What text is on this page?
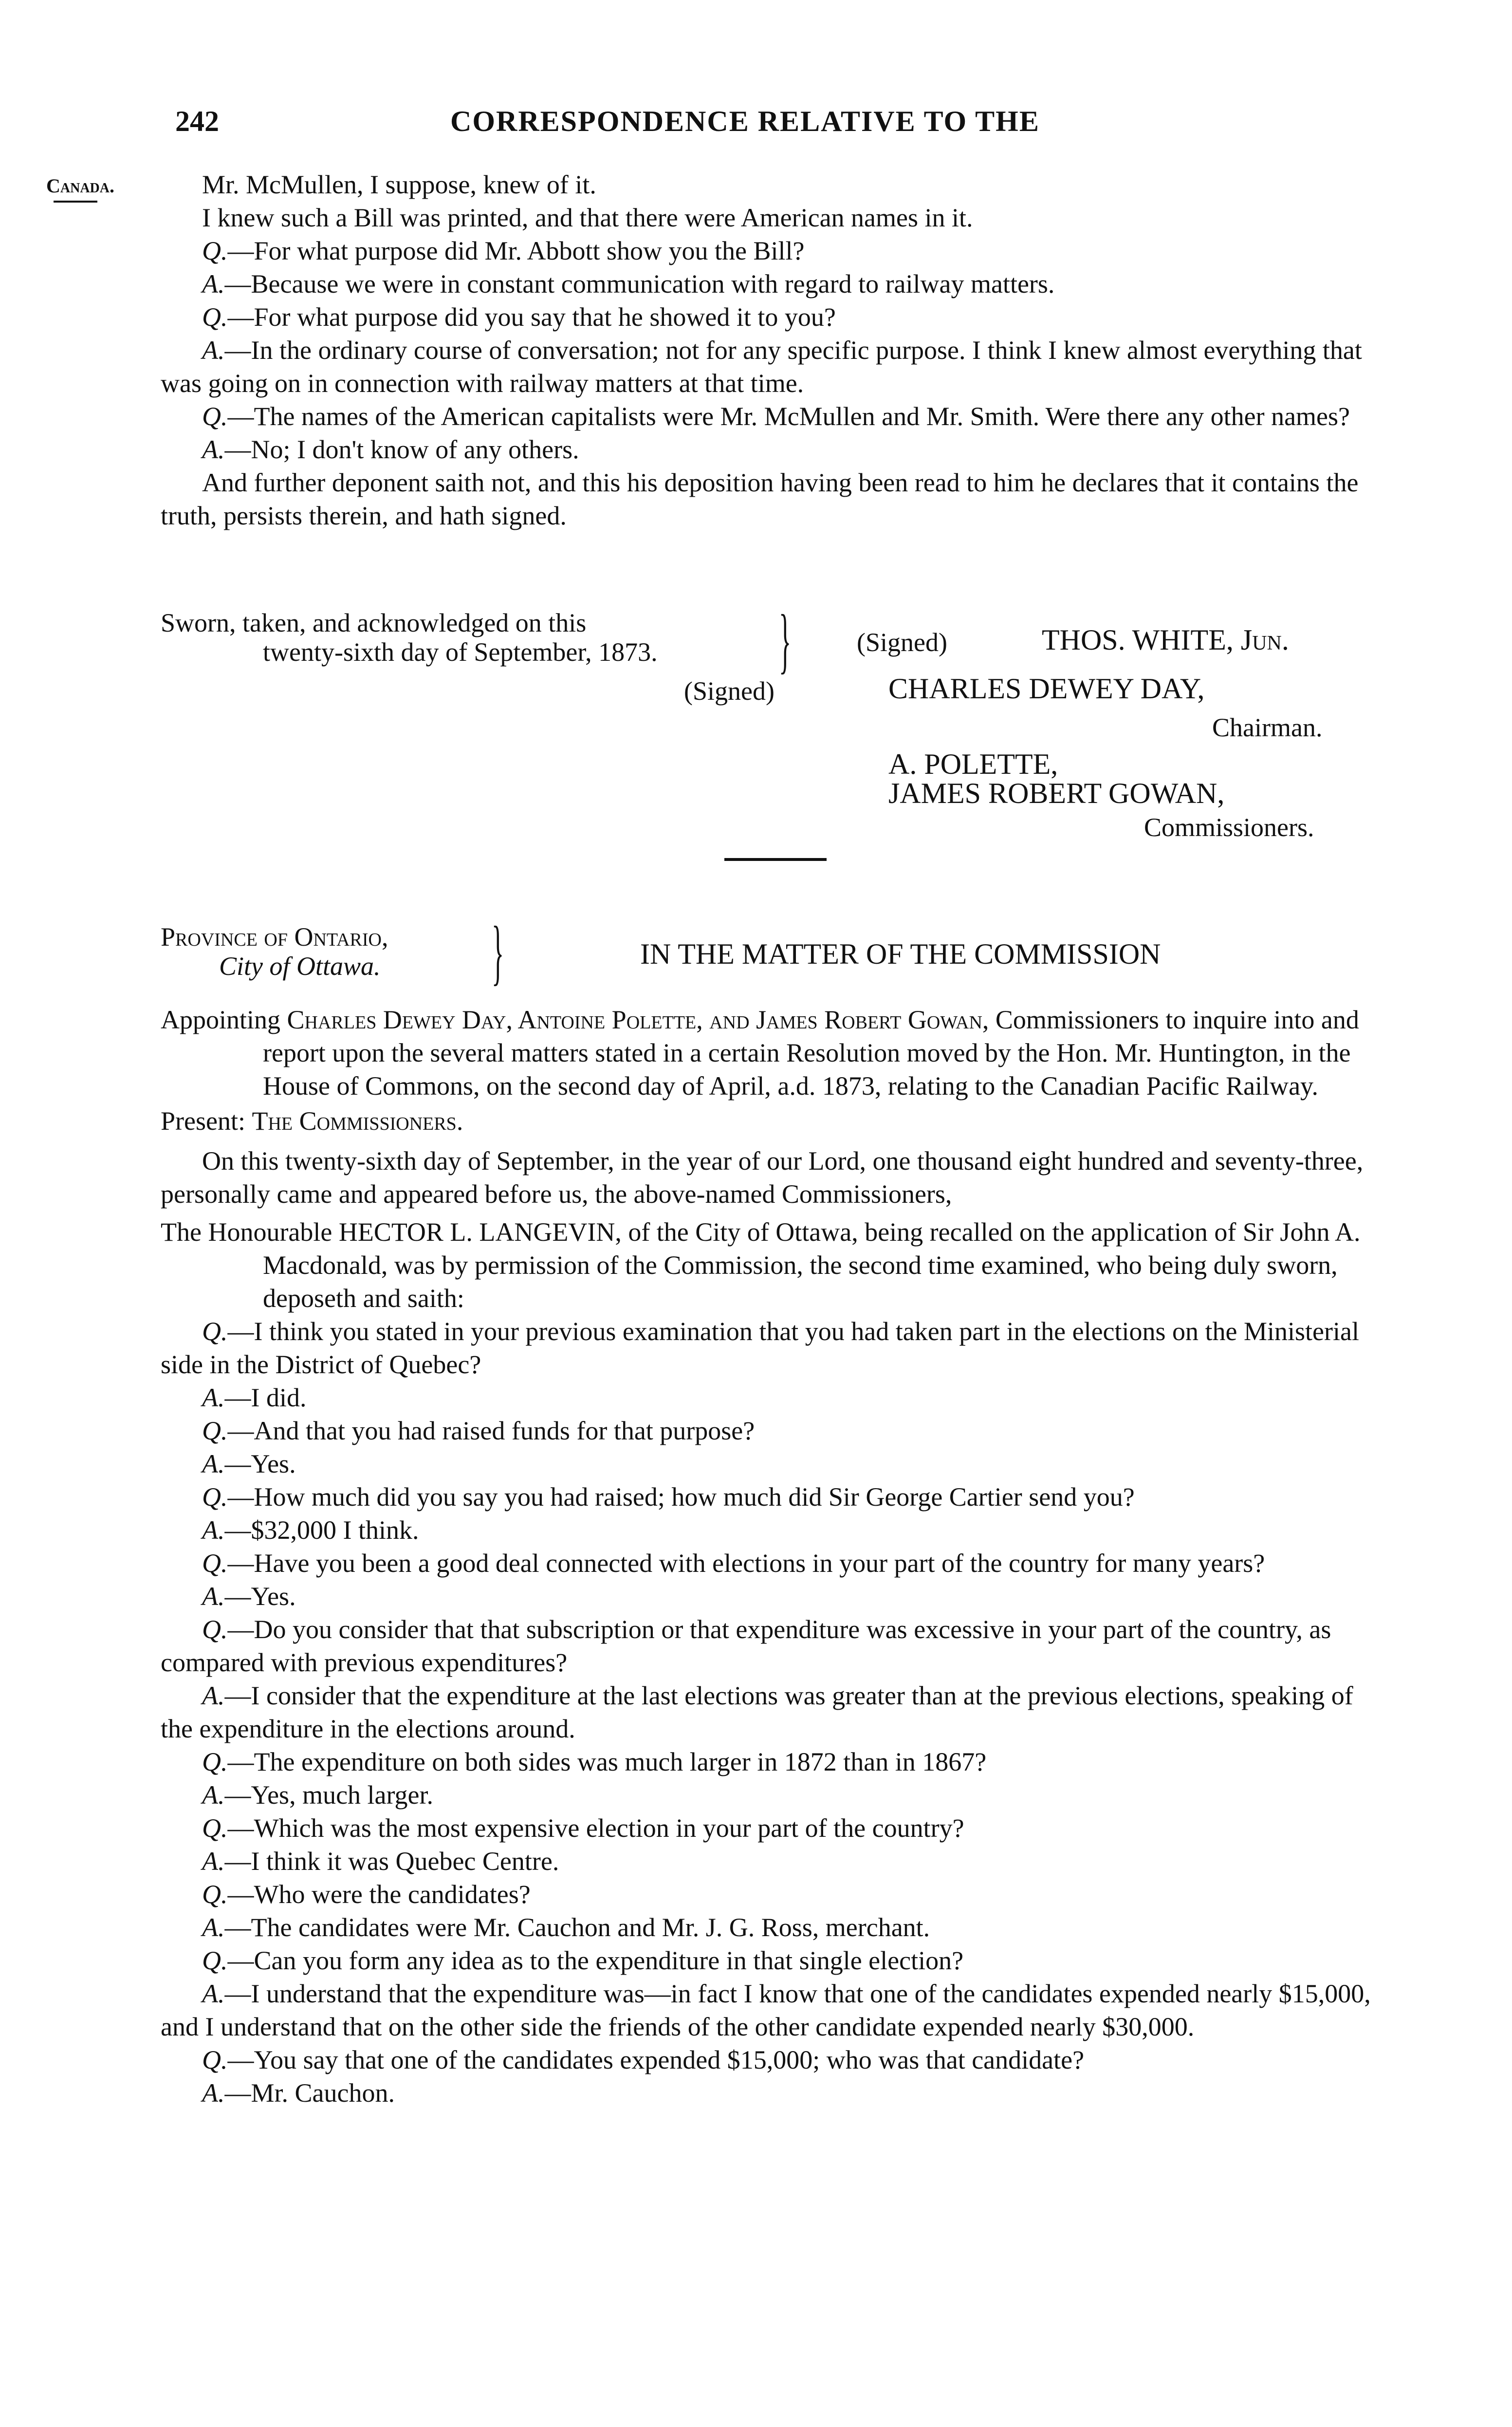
242	CORRESPONDENCE RELATIVE TO THE
Canada.	Mr. McMullen, I suppose, knew of it.

I knew such a Bill was printed, and that there were American names in it.

Q.—For what purpose did Mr. Abbott show you the Bill?

A.—Because we were in constant communication with regard to railway matters.

Q.—For what purpose did you say that he showed it to you?

A.—In the ordinary course of conversation; not for any specific purpose. I think I knew almost everything that was going on in connection with railway matters at that time.

Q.—The names of the American capitalists were Mr. McMullen and Mr. Smith. Were there any other names?

A.—No; I don't know of any others.

And further deponent saith not, and this his deposition having been read to him he declares that it contains the truth, persists therein, and hath signed.

Sworn, taken, and acknowledged on this
twenty-sixth day of September, 1873. } (Signed)	THOS. WHITE, Jun.
(Signed)	CHARLES DEWEY DAY,
Chairman.
A. POLETTE,
JAMES ROBERT GOWAN,
Commissioners.
Province of Ontario,
City of Ottawa. }	IN THE MATTER OF THE COMMISSION

Appointing Charles Dewey Day, Antoine Polette, and James Robert Gowan, Commissioners to inquire into and report upon the several matters stated in a certain Resolution moved by the Hon. Mr. Huntington, in the House of Commons, on the second day of April, a.d. 1873, relating to the Canadian Pacific Railway.

Present: The Commissioners.

On this twenty-sixth day of September, in the year of our Lord, one thousand eight hundred and seventy-three, personally came and appeared before us, the above-named Commissioners,

The Honourable HECTOR L. LANGEVIN, of the City of Ottawa, being recalled on the application of Sir John A. Macdonald, was by permission of the Commission, the second time examined, who being duly sworn, deposeth and saith:

Q.—I think you stated in your previous examination that you had taken part in the elections on the Ministerial side in the District of Quebec?

A.—I did.

Q.—And that you had raised funds for that purpose?

A.—Yes.

Q.—How much did you say you had raised; how much did Sir George Cartier send you?

A.—$32,000 I think.

Q.—Have you been a good deal connected with elections in your part of the country for many years?

A.—Yes.

Q.—Do you consider that that subscription or that expenditure was excessive in your part of the country, as compared with previous expenditures?

A.—I consider that the expenditure at the last elections was greater than at the previous elections, speaking of the expenditure in the elections around.

Q.—The expenditure on both sides was much larger in 1872 than in 1867?

A.—Yes, much larger.

Q.—Which was the most expensive election in your part of the country?

A.—I think it was Quebec Centre.

Q.—Who were the candidates?

A.—The candidates were Mr. Cauchon and Mr. J. G. Ross, merchant.

Q.—Can you form any idea as to the expenditure in that single election?

A.—I understand that the expenditure was—in fact I know that one of the candidates expended nearly $15,000, and I understand that on the other side the friends of the other candidate expended nearly $30,000.

Q.—You say that one of the candidates expended $15,000; who was that candidate?

A.—Mr. Cauchon.
